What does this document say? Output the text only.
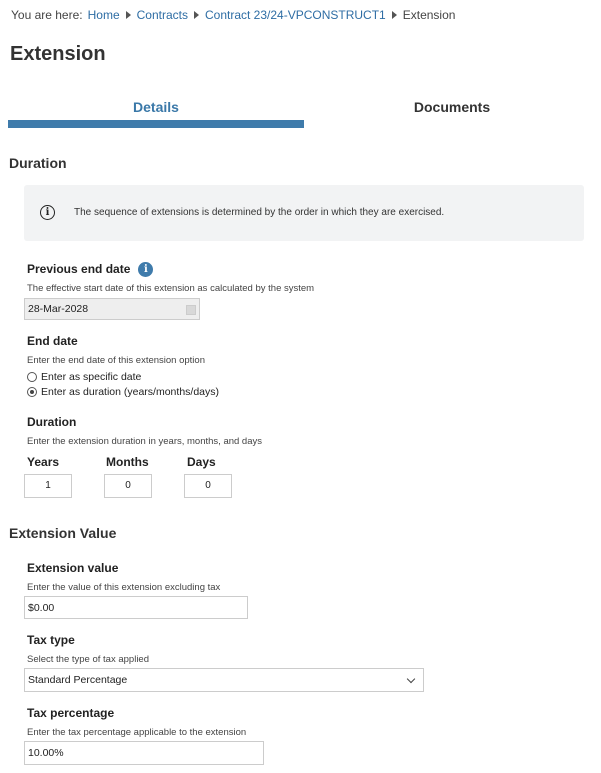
You are here: Home Contracts Contract 23/24-VPCONSTRUCT1 Extension
Extension
Details	Documents
Duration
i	The sequence of extensions is determined by the order in which they are exercised.
Previous end date i
The effective start date of this extension as calculated by the system
28-Mar-2028
End date
Enter the end date of this extension option
Enter as specific date
Enter as duration (years/months/days)
Duration
Enter the extension duration in years, months, and days
Years	Months	Days
1	0	0
Extension Value
Extension value
Enter the value of this extension excluding tax
$0.00
Tax type
Select the type of tax applied
Standard Percentage
Tax percentage
Enter the tax percentage applicable to the extension
10.00%
